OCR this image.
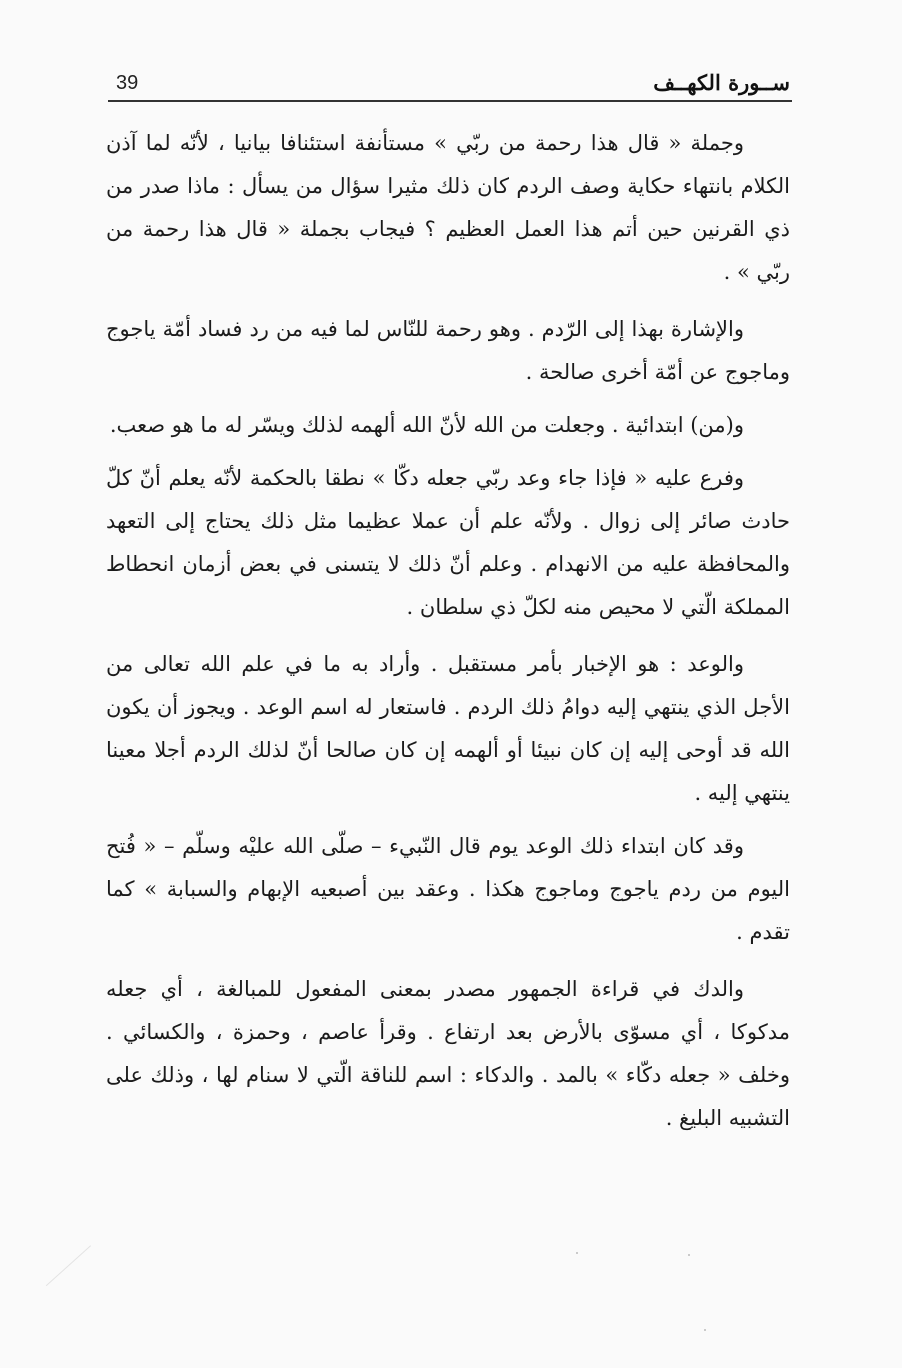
39	ســورة الكهــف

وجملة « قال هذا رحمة من ربّي » مستأنفة استئنافا بيانيا ، لأنّه لما آذن الكلام بانتهاء حكاية وصف الردم كان ذلك مثيرا سؤال من يسأل : ماذا صدر من ذي القرنين حين أتم هذا العمل العظيم ؟ فيجاب بجملة « قال هذا رحمة من ربّي » .

والإشارة بهذا إلى الرّدم . وهو رحمة للنّاس لما فيه من رد فساد أمّة ياجوج وماجوج عن أمّة أخرى صالحة .

و(من) ابتدائية . وجعلت من الله لأنّ الله ألهمه لذلك ويسّر له ما هو صعب.

وفرع عليه « فإذا جاء وعد ربّي جعله دكّا » نطقا بالحكمة لأنّه يعلم أنّ كلّ حادث صائر إلى زوال . ولأنّه علم أن عملا عظيما مثل ذلك يحتاج إلى التعهد والمحافظة عليه من الانهدام . وعلم أنّ ذلك لا يتسنى في بعض أزمان انحطاط المملكة الّتي لا محيص منه لكلّ ذي سلطان .

والوعد : هو الإخبار بأمر مستقبل . وأراد به ما في علم الله تعالى من الأجل الذي ينتهي إليه دوامُ ذلك الردم . فاستعار له اسم الوعد . ويجوز أن يكون الله قد أوحى إليه إن كان نبيئا أو ألهمه إن كان صالحا أنّ لذلك الردم أجلا معينا ينتهي إليه .

وقد كان ابتداء ذلك الوعد يوم قال النّبيء – صلّى الله عليْه وسلّم – « فُتح اليوم من ردم ياجوج وماجوج هكذا . وعقد بين أصبعيه الإبهام والسبابة » كما تقدم .

والدك في قراءة الجمهور مصدر بمعنى المفعول للمبالغة ، أي جعله مدكوكا ، أي مسوّى بالأرض بعد ارتفاع . وقرأ عاصم ، وحمزة ، والكسائي . وخلف « جعله دكّاء » بالمد . والدكاء : اسم للناقة الّتي لا سنام لها ، وذلك على التشبيه البليغ .
